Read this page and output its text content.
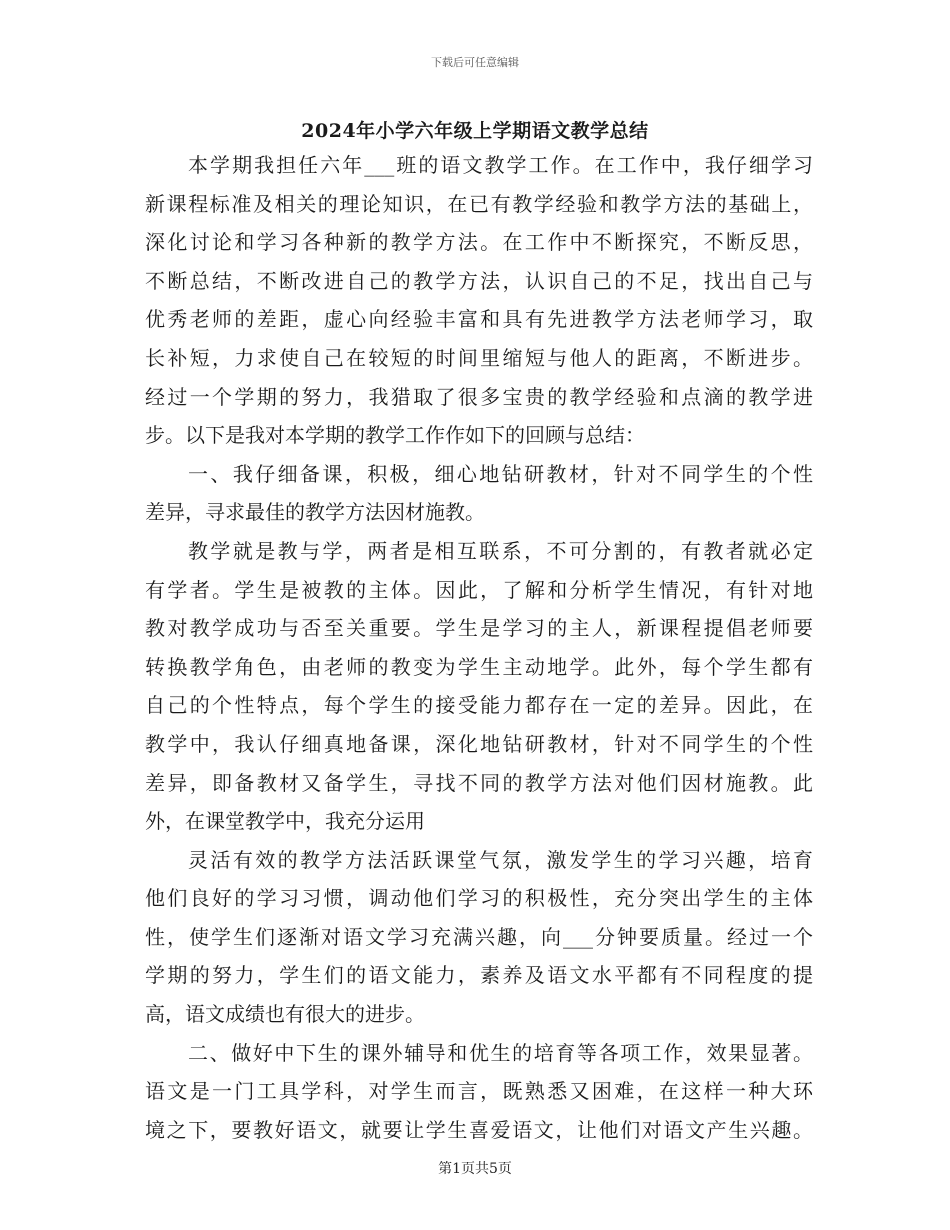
下载后可任意编辑
2024年小学六年级上学期语文教学总结
本学期我担任六年___班的语文教学工作。在工作中，我仔细学习
新课程标准及相关的理论知识，在已有教学经验和教学方法的基础上，
深化讨论和学习各种新的教学方法。在工作中不断探究，不断反思，
不断总结，不断改进自己的教学方法，认识自己的不足，找出自己与
优秀老师的差距，虚心向经验丰富和具有先进教学方法老师学习，取
长补短，力求使自己在较短的时间里缩短与他人的距离，不断进步。
经过一个学期的努力，我猎取了很多宝贵的教学经验和点滴的教学进
步。以下是我对本学期的教学工作作如下的回顾与总结：
一、我仔细备课，积极，细心地钻研教材，针对不同学生的个性
差异，寻求最佳的教学方法因材施教。
教学就是教与学，两者是相互联系，不可分割的，有教者就必定
有学者。学生是被教的主体。因此，了解和分析学生情况，有针对地
教对教学成功与否至关重要。学生是学习的主人，新课程提倡老师要
转换教学角色，由老师的教变为学生主动地学。此外，每个学生都有
自己的个性特点，每个学生的接受能力都存在一定的差异。因此，在
教学中，我认仔细真地备课，深化地钻研教材，针对不同学生的个性
差异，即备教材又备学生，寻找不同的教学方法对他们因材施教。此
外，在课堂教学中，我充分运用
灵活有效的教学方法活跃课堂气氛，激发学生的学习兴趣，培育
他们良好的学习习惯，调动他们学习的积极性，充分突出学生的主体
性，使学生们逐渐对语文学习充满兴趣，向___分钟要质量。经过一个
学期的努力，学生们的语文能力，素养及语文水平都有不同程度的提
高，语文成绩也有很大的进步。
二、做好中下生的课外辅导和优生的培育等各项工作，效果显著。
语文是一门工具学科，对学生而言，既熟悉又困难，在这样一种大环
境之下，要教好语文，就要让学生喜爱语文，让他们对语文产生兴趣。
第1页共5页
